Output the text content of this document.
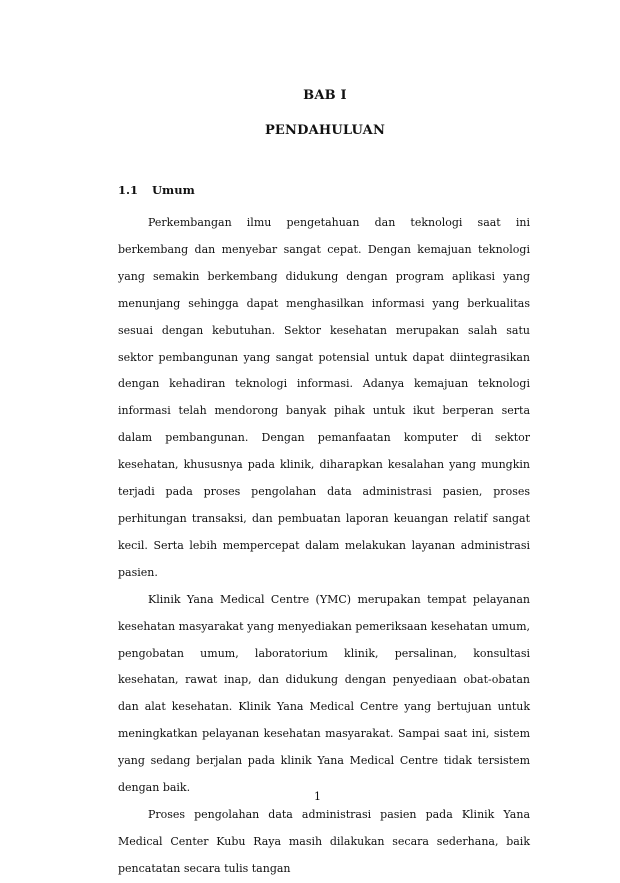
BAB I
PENDAHULUAN
1.1 Umum

Perkembangan ilmu pengetahuan dan teknologi saat ini berkembang dan menyebar sangat cepat. Dengan kemajuan teknologi yang semakin berkembang didukung dengan program aplikasi yang menunjang sehingga dapat menghasilkan informasi yang berkualitas sesuai dengan kebutuhan. Sektor kesehatan merupakan salah satu sektor pembangunan yang sangat potensial untuk dapat diintegrasikan dengan kehadiran teknologi informasi. Adanya kemajuan teknologi informasi telah mendorong banyak pihak untuk ikut berperan serta dalam pembangunan. Dengan pemanfaatan komputer di sektor kesehatan, khususnya pada klinik, diharapkan kesalahan yang mungkin terjadi pada proses pengolahan data administrasi pasien, proses perhitungan transaksi, dan pembuatan laporan keuangan relatif sangat kecil. Serta lebih mempercepat dalam melakukan layanan administrasi pasien.

Klinik Yana Medical Centre (YMC) merupakan tempat pelayanan kesehatan masyarakat yang menyediakan pemeriksaan kesehatan umum, pengobatan umum, laboratorium klinik, persalinan, konsultasi kesehatan, rawat inap, dan didukung dengan penyediaan obat-obatan dan alat kesehatan. Klinik Yana Medical Centre yang bertujuan untuk meningkatkan pelayanan kesehatan masyarakat. Sampai saat ini, sistem yang sedang berjalan pada klinik Yana Medical Centre tidak tersistem dengan baik.

Proses pengolahan data administrasi pasien pada Klinik Yana Medical Center Kubu Raya masih dilakukan secara sederhana, baik pencatatan secara tulis tangan

1
